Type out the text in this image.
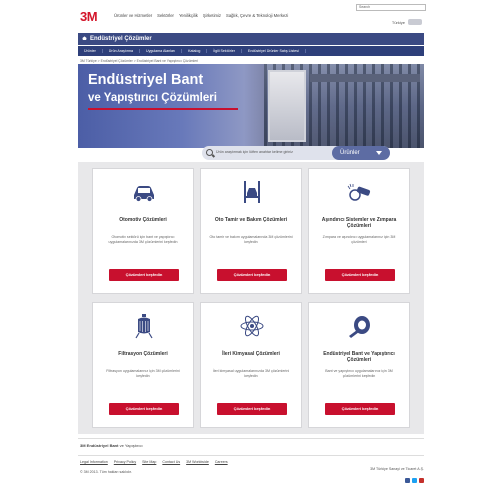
3M	Ürünler ve Hizmetler Sektörler Yenilikçilik Şirketimiz Sağlık, Çevre & Teknoloji Merkezi
Search
Türkiye
Endüstriyel Çözümler
Ürünler	Ürün Araştırma	Uygulama Alanları	Katalog	İlgili Sektörler	Endüstriyel Ürünler Satış Listesi
3M Türkiye > Endüstriyel Çözümler > Endüstriyel Bant ve Yapıştırıcı Çözümleri
Endüstriyel Bant
ve Yapıştırıcı Çözümleri
Ürün araştırmak için lütfen anahtar kelime giriniz	Ürünler
Otomotiv Çözümleri
Otomotiv sektörü için bant ve yapıştırıcı uygulamalarınızda 3M çözümlerini keşfedin
Çözümleri keşfedin
Oto Tamir ve Bakım Çözümleri
Oto tamir ve bakım uygulamalarında 3M çözümlerini keşfedin
Çözümleri keşfedin
Aşındırıcı Sistemler ve Zımpara Çözümleri
Zımpara ve aşındırıcı uygulamalarınız için 3M çözümleri
Çözümleri keşfedin
Filtrasyon Çözümleri
Filtrasyon uygulamalarınız için 3M çözümlerini keşfedin
Çözümleri keşfedin
İleri Kimyasal Çözümleri
İleri kimyasal uygulamalarınızda 3M çözümlerini keşfedin
Çözümleri keşfedin
Endüstriyel Bant ve Yapıştırıcı Çözümleri
Bant ve yapıştırıcı uygulamalarınız için 3M çözümlerini keşfedin
Çözümleri keşfedin
3M Endüstriyel Bant ve Yapıştırıcı
Legal Information Privacy Policy Site Map Contact Us 3M Worldwide Careers
© 3M 2013. Tüm hakları saklıdır.
3M Türkiye Sanayi ve Ticaret A.Ş.
